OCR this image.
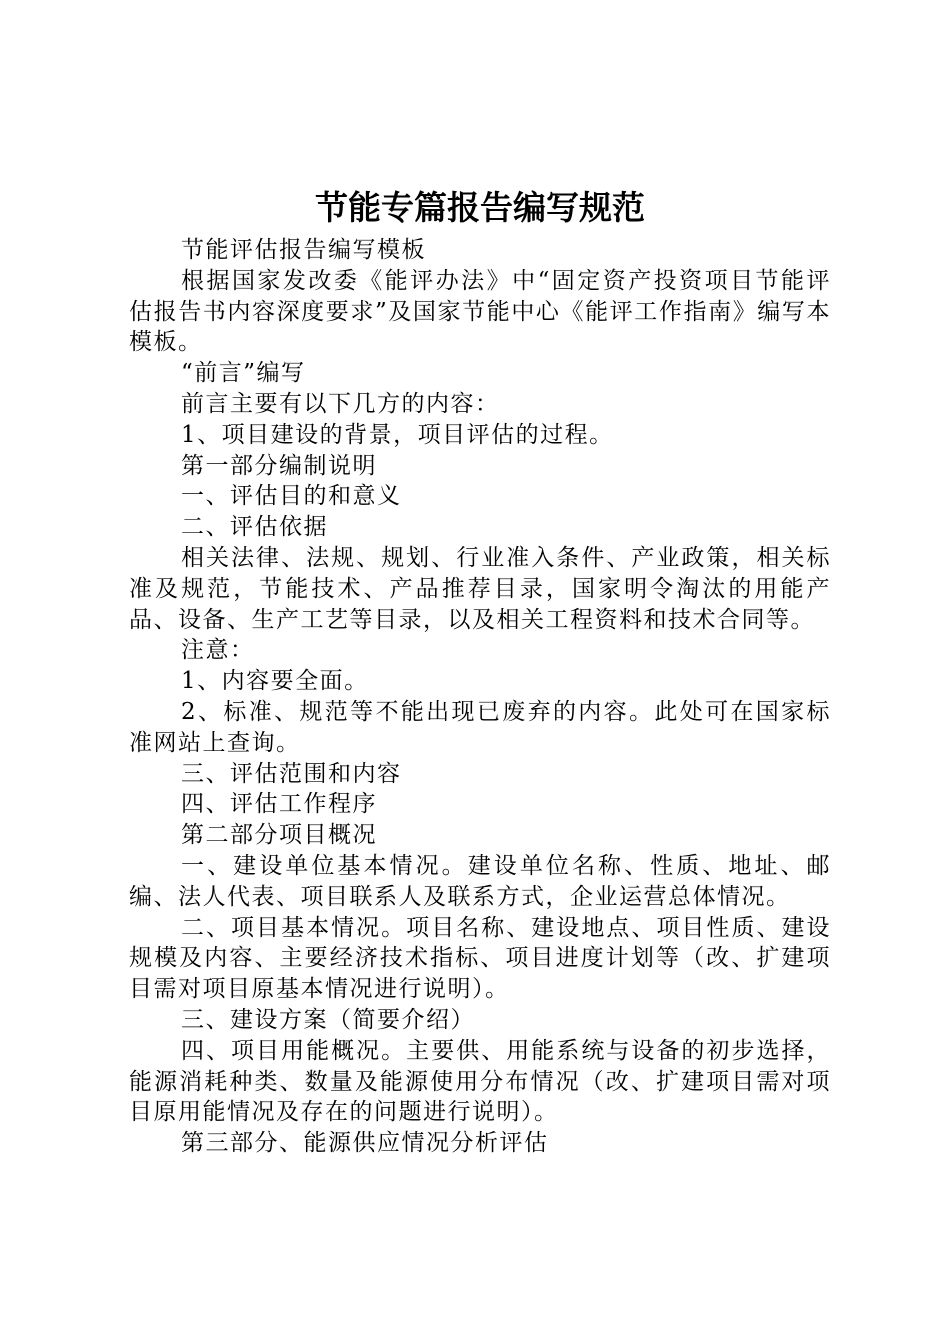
节能专篇报告编写规范

节能评估报告编写模板

根据国家发改委《能评办法》中“固定资产投资项目节能评估报告书内容深度要求”及国家节能中心《能评工作指南》编写本模板。

“前言”编写

前言主要有以下几方的内容：

1、项目建设的背景，项目评估的过程。

第一部分编制说明

一、评估目的和意义

二、评估依据

相关法律、法规、规划、行业准入条件、产业政策，相关标准及规范，节能技术、产品推荐目录，国家明令淘汰的用能产品、设备、生产工艺等目录，以及相关工程资料和技术合同等。

注意：

1、内容要全面。

2、标准、规范等不能出现已废弃的内容。此处可在国家标准网站上查询。

三、评估范围和内容

四、评估工作程序

第二部分项目概况

一、建设单位基本情况。建设单位名称、性质、地址、邮编、法人代表、项目联系人及联系方式，企业运营总体情况。

二、项目基本情况。项目名称、建设地点、项目性质、建设规模及内容、主要经济技术指标、项目进度计划等（改、扩建项目需对项目原基本情况进行说明）。

三、建设方案（简要介绍）

四、项目用能概况。主要供、用能系统与设备的初步选择，能源消耗种类、数量及能源使用分布情况（改、扩建项目需对项目原用能情况及存在的问题进行说明）。

第三部分、能源供应情况分析评估
